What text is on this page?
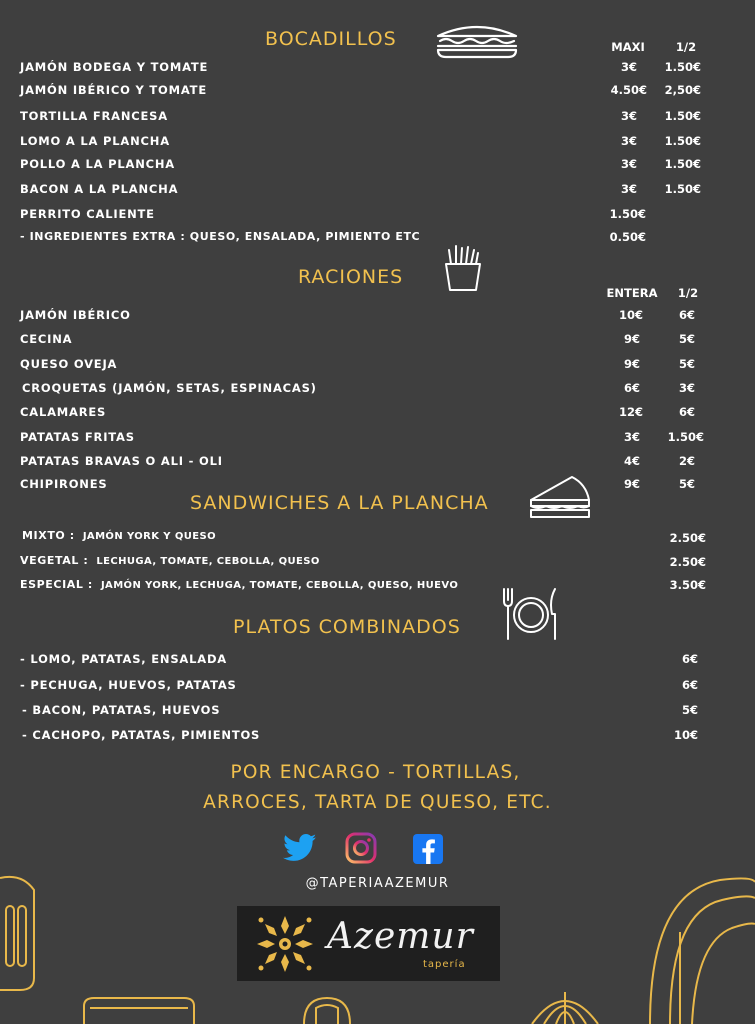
BOCADILLOS	MAXI	1/2
JAMÓN BODEGA Y TOMATE	3€	1.50€
JAMÓN IBÉRICO Y TOMATE	4.50€	2,50€
TORTILLA FRANCESA	3€	1.50€
LOMO A LA PLANCHA	3€	1.50€
POLLO A LA PLANCHA	3€	1.50€
BACON A LA PLANCHA	3€	1.50€
PERRITO CALIENTE	1.50€
- INGREDIENTES EXTRA : QUESO, ENSALADA, PIMIENTO ETC	0.50€
RACIONES
ENTERA	1/2
JAMÓN IBÉRICO	10€	6€
CECINA	9€	5€
QUESO OVEJA	9€	5€
CROQUETAS (JAMÓN, SETAS, ESPINACAS)	6€	3€
CALAMARES	12€	6€
PATATAS FRITAS	3€	1.50€
PATATAS BRAVAS O ALI - OLI	4€	2€
CHIPIRONES	9€	5€
SANDWICHES A LA PLANCHA
MIXTO : JAMÓN YORK Y QUESO	2.50€
VEGETAL : LECHUGA, TOMATE, CEBOLLA, QUESO	2.50€
ESPECIAL : JAMÓN YORK, LECHUGA, TOMATE, CEBOLLA, QUESO, HUEVO	3.50€
PLATOS COMBINADOS
- LOMO, PATATAS, ENSALADA	6€
- PECHUGA, HUEVOS, PATATAS	6€
- BACON, PATATAS, HUEVOS	5€
- CACHOPO, PATATAS, PIMIENTOS	10€
POR ENCARGO - TORTILLAS,
ARROCES, TARTA DE QUESO, ETC.
@TAPERIAAZEMUR
Azemur
tapería
